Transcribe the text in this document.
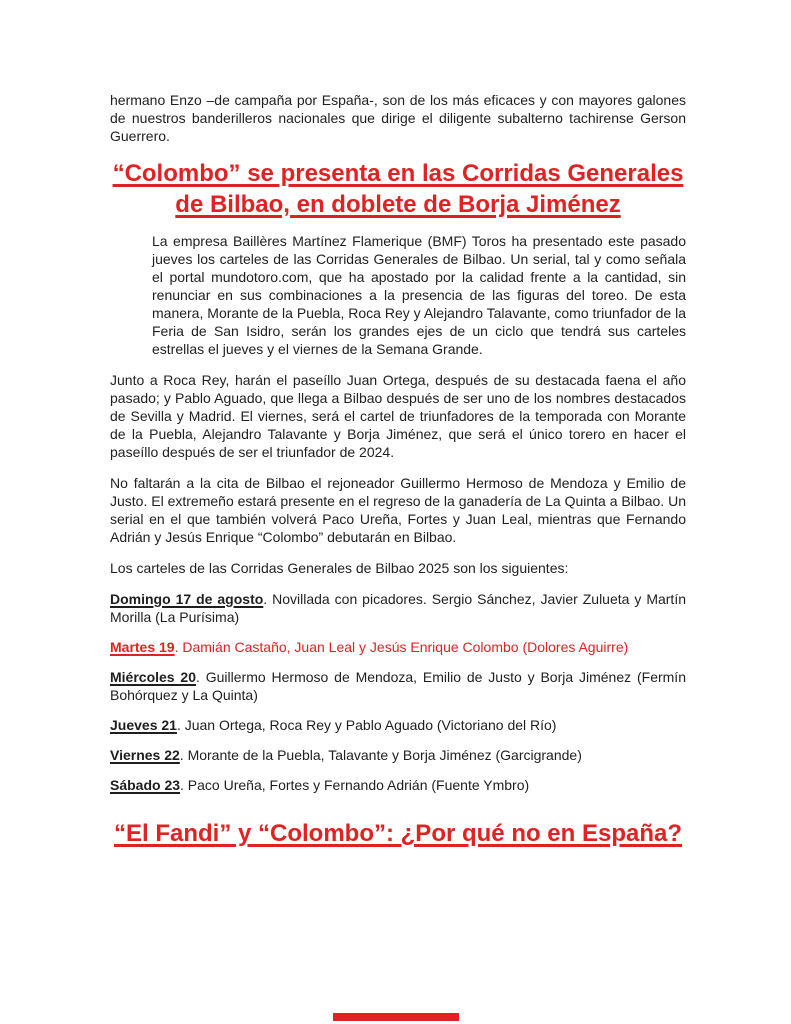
hermano Enzo –de campaña por España-, son de los más eficaces y con mayores galones de nuestros banderilleros nacionales que dirige el diligente subalterno tachirense Gerson Guerrero.

“Colombo” se presenta en las Corridas Generales de Bilbao, en doblete de Borja Jiménez

La empresa Baillères Martínez Flamerique (BMF) Toros ha presentado este pasado jueves los carteles de las Corridas Generales de Bilbao. Un serial, tal y como señala el portal mundotoro.com, que ha apostado por la calidad frente a la cantidad, sin renunciar en sus combinaciones a la presencia de las figuras del toreo. De esta manera, Morante de la Puebla, Roca Rey y Alejandro Talavante, como triunfador de la Feria de San Isidro, serán los grandes ejes de un ciclo que tendrá sus carteles estrellas el jueves y el viernes de la Semana Grande.

Junto a Roca Rey, harán el paseíllo Juan Ortega, después de su destacada faena el año pasado; y Pablo Aguado, que llega a Bilbao después de ser uno de los nombres destacados de Sevilla y Madrid. El viernes, será el cartel de triunfadores de la temporada con Morante de la Puebla, Alejandro Talavante y Borja Jiménez, que será el único torero en hacer el paseíllo después de ser el triunfador de 2024.

No faltarán a la cita de Bilbao el rejoneador Guillermo Hermoso de Mendoza y Emilio de Justo. El extremeño estará presente en el regreso de la ganadería de La Quinta a Bilbao. Un serial en el que también volverá Paco Ureña, Fortes y Juan Leal, mientras que Fernando Adrián y Jesús Enrique “Colombo” debutarán en Bilbao.

Los carteles de las Corridas Generales de Bilbao 2025 son los siguientes:

Domingo 17 de agosto. Novillada con picadores. Sergio Sánchez, Javier Zulueta y Martín Morilla (La Purísima)

Martes 19. Damián Castaño, Juan Leal y Jesús Enrique Colombo (Dolores Aguirre)

Miércoles 20. Guillermo Hermoso de Mendoza, Emilio de Justo y Borja Jiménez (Fermín Bohórquez y La Quinta)

Jueves 21. Juan Ortega, Roca Rey y Pablo Aguado (Victoriano del Río)

Viernes 22. Morante de la Puebla, Talavante y Borja Jiménez (Garcigrande)

Sábado 23. Paco Ureña, Fortes y Fernando Adrián (Fuente Ymbro)

“El Fandi” y “Colombo”: ¿Por qué no en España?
